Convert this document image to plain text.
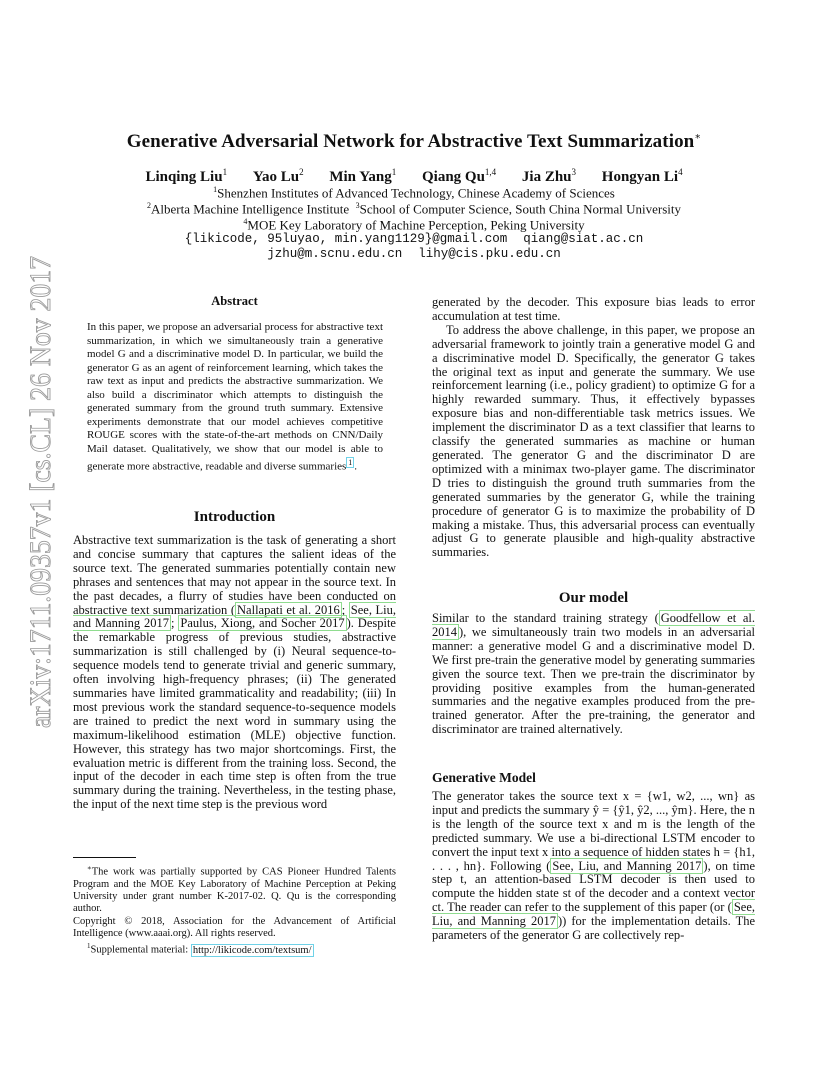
arXiv:1711.09357v1 [cs.CL] 26 Nov 2017
Generative Adversarial Network for Abstractive Text Summarization∗
Linqing Liu$^1$ Yao Lu$^2$ Min Yang$^1$ Qiang Qu$^{1,4}$ Jia Zhu$^3$ Hongyan Li$^4$
$^1$Shenzhen Institutes of Advanced Technology, Chinese Academy of Sciences
$^2$Alberta Machine Intelligence Institute $^3$School of Computer Science, South China Normal University
$^4$MOE Key Laboratory of Machine Perception, Peking University
{likicode, 95luyao, min.yang1129}@gmail.com qiang@siat.ac.cn
jzhu@m.scnu.edu.cn lihy@cis.pku.edu.cn
Abstract
In this paper, we propose an adversarial process for abstractive text summarization, in which we simultaneously train a generative model G and a discriminative model D. In particular, we build the generator G as an agent of reinforcement learning, which takes the raw text as input and predicts the abstractive summarization. We also build a discriminator which attempts to distinguish the generated summary from the ground truth summary. Extensive experiments demonstrate that our model achieves competitive ROUGE scores with the state-of-the-art methods on CNN/Daily Mail dataset. Qualitatively, we show that our model is able to generate more abstractive, readable and diverse summaries $^1$ .
Introduction
Abstractive text summarization is the task of generating a short and concise summary that captures the salient ideas of the source text. The generated summaries potentially contain new phrases and sentences that may not appear in the source text. In the past decades, a flurry of studies have been conducted on abstractive text summarization ( Nallapati et al. 2016 ; See, Liu, and Manning 2017 ; Paulus, Xiong, and Socher 2017 ). Despite the remarkable progress of previous studies, abstractive summarization is still challenged by (i) Neural sequence-to-sequence models tend to generate trivial and generic summary, often involving high-frequency phrases; (ii) The generated summaries have limited grammaticality and readability; (iii) In most previous work the standard sequence-to-sequence models are trained to predict the next word in summary using the maximum-likelihood estimation (MLE) objective function. However, this strategy has two major shortcomings. First, the evaluation metric is different from the training loss. Second, the input of the decoder in each time step is often from the true summary during the training. Nevertheless, in the testing phase, the input of the next time step is the previous word
∗The work was partially supported by CAS Pioneer Hundred Talents Program and the MOE Key Laboratory of Machine Perception at Peking University under grant number K-2017-02. Q. Qu is the corresponding author.
Copyright © 2018, Association for the Advancement of Artificial Intelligence (www.aaai.org). All rights reserved.
$^1$Supplemental material: http://likicode.com/textsum/
generated by the decoder. This exposure bias leads to error accumulation at test time.
To address the above challenge, in this paper, we propose an adversarial framework to jointly train a generative model G and a discriminative model D. Specifically, the generator G takes the original text as input and generate the summary. We use reinforcement learning (i.e., policy gradient) to optimize G for a highly rewarded summary. Thus, it effectively bypasses exposure bias and non-differentiable task metrics issues. We implement the discriminator D as a text classifier that learns to classify the generated summaries as machine or human generated. The generator G and the discriminator D are optimized with a minimax two-player game. The discriminator D tries to distinguish the ground truth summaries from the generated summaries by the generator G, while the training procedure of generator G is to maximize the probability of D making a mistake. Thus, this adversarial process can eventually adjust G to generate plausible and high-quality abstractive summaries.
Our model
Similar to the standard training strategy ( Goodfellow et al. 2014 ), we simultaneously train two models in an adversarial manner: a generative model G and a discriminative model D. We first pre-train the generative model by generating summaries given the source text. Then we pre-train the discriminator by providing positive examples from the human-generated summaries and the negative examples produced from the pre-trained generator. After the pre-training, the generator and discriminator are trained alternatively.
Generative Model
The generator takes the source text x = {w1, w2, ..., wn} as input and predicts the summary ŷ = {ŷ1, ŷ2, ..., ŷm}. Here, the n is the length of the source text x and m is the length of the predicted summary. We use a bi-directional LSTM encoder to convert the input text x into a sequence of hidden states h = {h1, . . . , hn}. Following ( See, Liu, and Manning 2017 ), on time step t, an attention-based LSTM decoder is then used to compute the hidden state st of the decoder and a context vector ct. The reader can refer to the supplement of this paper (or ( See, Liu, and Manning 2017 )) for the implementation details. The parameters of the generator G are collectively rep-
